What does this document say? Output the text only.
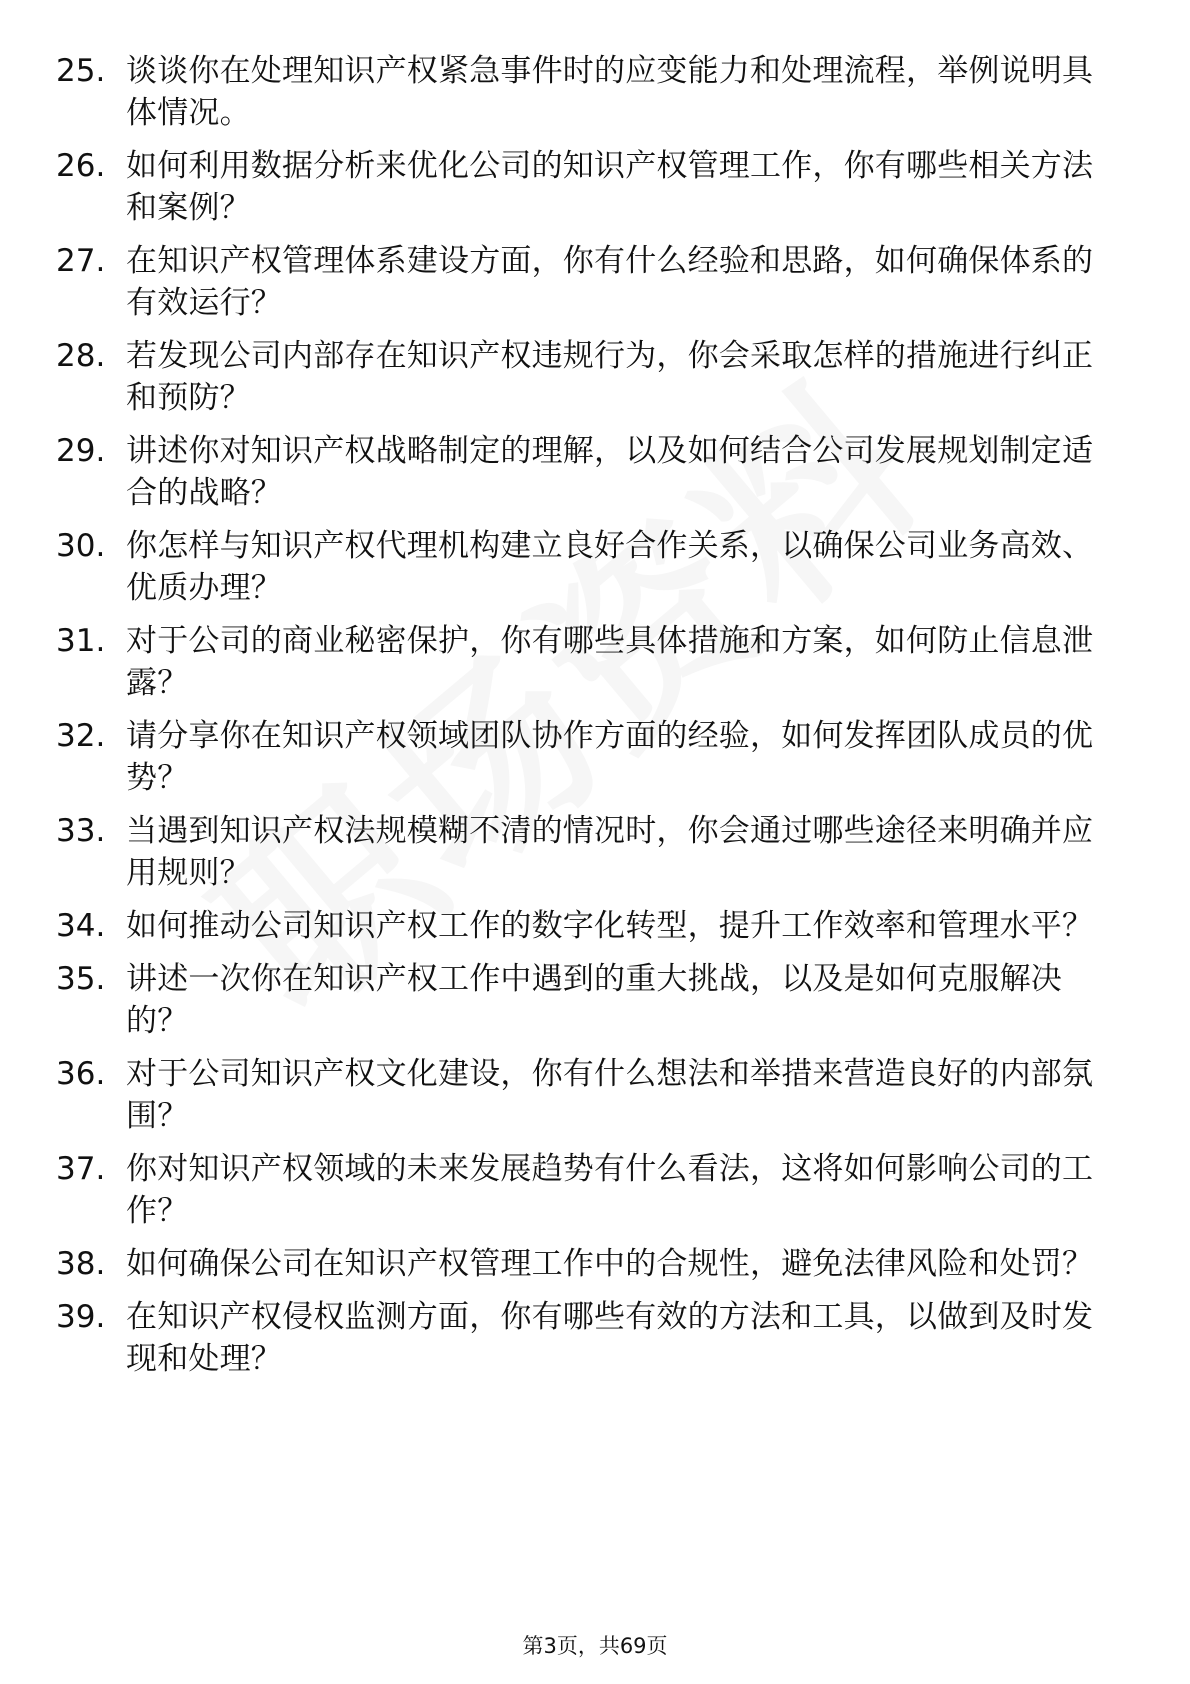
25. 谈谈你在处理知识产权紧急事件时的应变能力和处理流程，举例说明具体情况。
26. 如何利用数据分析来优化公司的知识产权管理工作，你有哪些相关方法和案例？
27. 在知识产权管理体系建设方面，你有什么经验和思路，如何确保体系的有效运行？
28. 若发现公司内部存在知识产权违规行为，你会采取怎样的措施进行纠正和预防？
29. 讲述你对知识产权战略制定的理解，以及如何结合公司发展规划制定适合的战略？
30. 你怎样与知识产权代理机构建立良好合作关系，以确保公司业务高效、优质办理？
31. 对于公司的商业秘密保护，你有哪些具体措施和方案，如何防止信息泄露？
32. 请分享你在知识产权领域团队协作方面的经验，如何发挥团队成员的优势？
33. 当遇到知识产权法规模糊不清的情况时，你会通过哪些途径来明确并应用规则？
34. 如何推动公司知识产权工作的数字化转型，提升工作效率和管理水平？
35. 讲述一次你在知识产权工作中遇到的重大挑战，以及是如何克服解决的？
36. 对于公司知识产权文化建设，你有什么想法和举措来营造良好的内部氛围？
37. 你对知识产权领域的未来发展趋势有什么看法，这将如何影响公司的工作？
38. 如何确保公司在知识产权管理工作中的合规性，避免法律风险和处罚？
39. 在知识产权侵权监测方面，你有哪些有效的方法和工具，以做到及时发现和处理？
第3页，共69页
